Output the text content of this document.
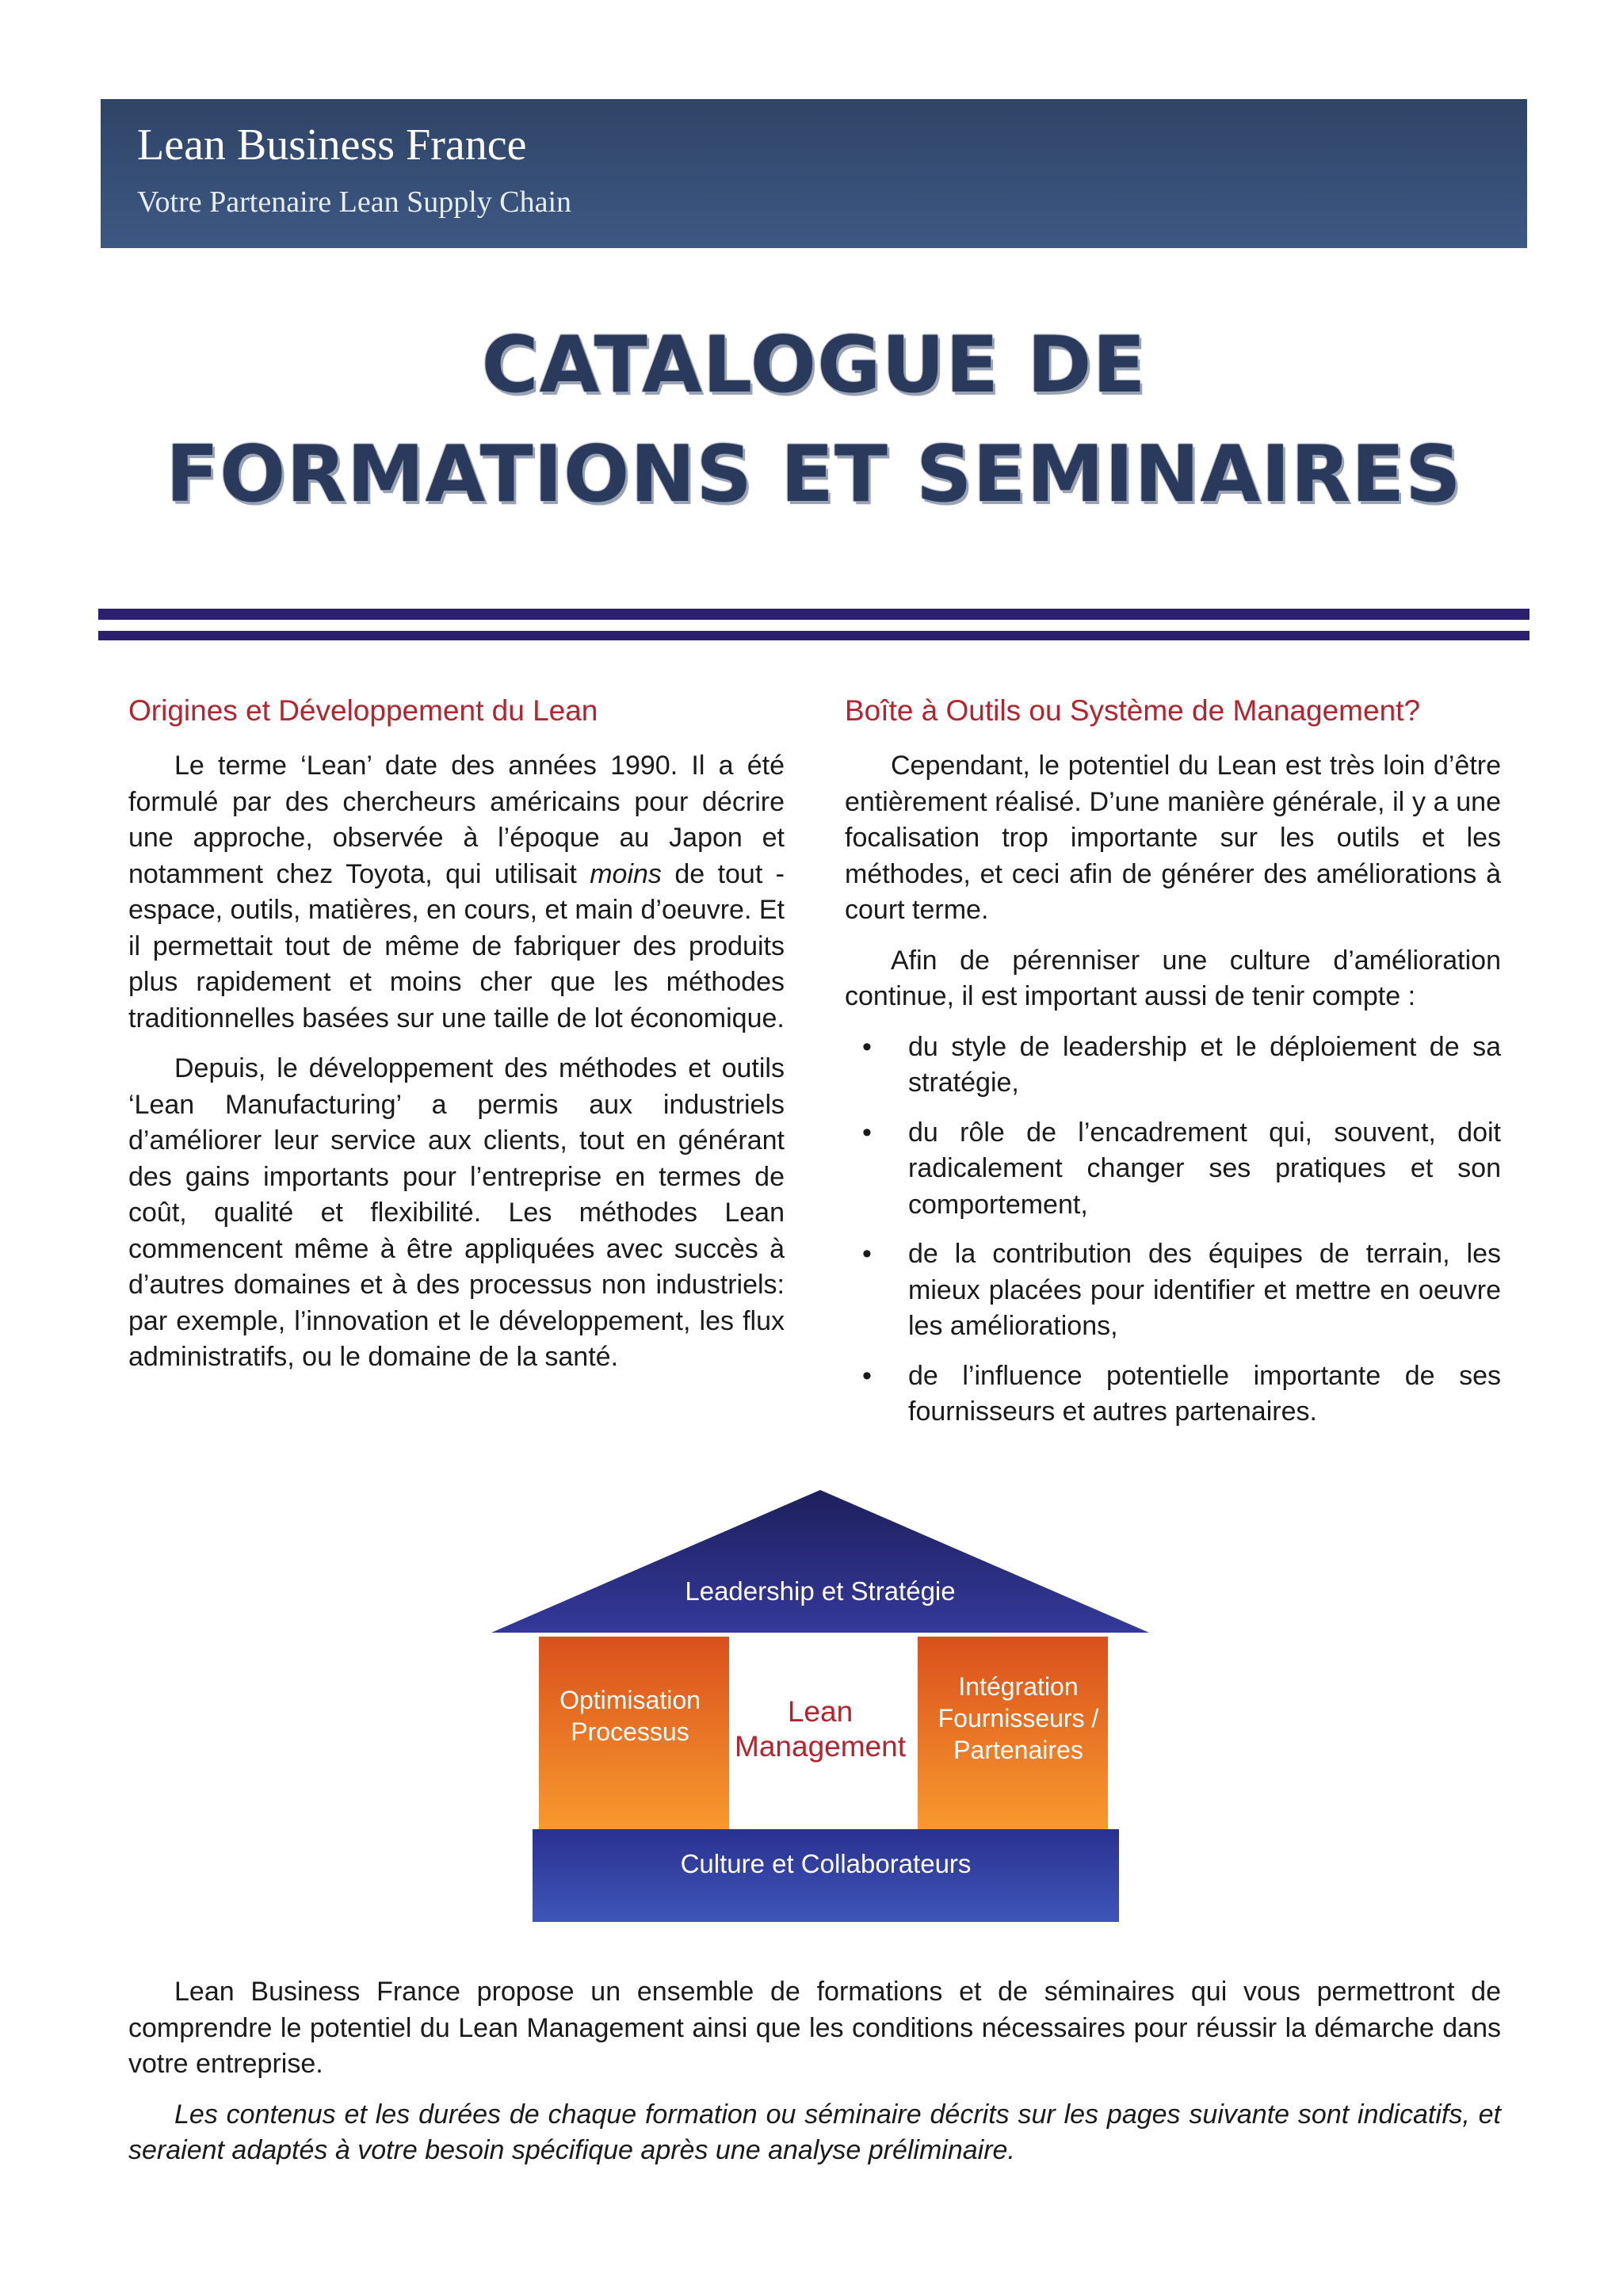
Lean Business France
Votre Partenaire Lean Supply Chain
CATALOGUE DE
FORMATIONS ET SEMINAIRES
Origines et Développement du Lean	Boîte à Outils ou Système de Management?

Le terme ‘Lean’ date des années 1990. Il a été formulé par des chercheurs américains pour décrire une approche, observée à l’époque au Japon et notamment chez Toyota, qui utilisait moins de tout - espace, outils, matières, en cours, et main d’oeuvre. Et il permettait tout de même de fabriquer des produits plus rapidement et moins cher que les méthodes traditionnelles basées sur une taille de lot économique.

Depuis, le développement des méthodes et outils ‘Lean Manufacturing’ a permis aux industriels d’améliorer leur service aux clients, tout en générant des gains importants pour l’entreprise en termes de coût, qualité et flexibilité. Les méthodes Lean commencent même à être appliquées avec succès à d’autres domaines et à des processus non industriels: par exemple, l’innovation et le développement, les flux administratifs, ou le domaine de la santé.

Cependant, le potentiel du Lean est très loin d’être entièrement réalisé. D’une manière générale, il y a une focalisation trop importante sur les outils et les méthodes, et ceci afin de générer des améliorations à court terme.

Afin de pérenniser une culture d’amélioration continue, il est important aussi de tenir compte :

• du style de leadership et le déploiement de sa stratégie,
• du rôle de l’encadrement qui, souvent, doit radicalement changer ses pratiques et son comportement,
• de la contribution des équipes de terrain, les mieux placées pour identifier et mettre en oeuvre les améliorations,
• de l’influence potentielle importante de ses fournisseurs et autres partenaires.
Leadership et Stratégie
Optimisation
Processus
Lean
Management
Intégration
Fournisseurs /
Partenaires
Culture et Collaborateurs

Lean Business France propose un ensemble de formations et de séminaires qui vous permettront de comprendre le potentiel du Lean Management ainsi que les conditions nécessaires pour réussir la démarche dans votre entreprise.

Les contenus et les durées de chaque formation ou séminaire décrits sur les pages suivante sont indicatifs, et seraient adaptés à votre besoin spécifique après une analyse préliminaire.
